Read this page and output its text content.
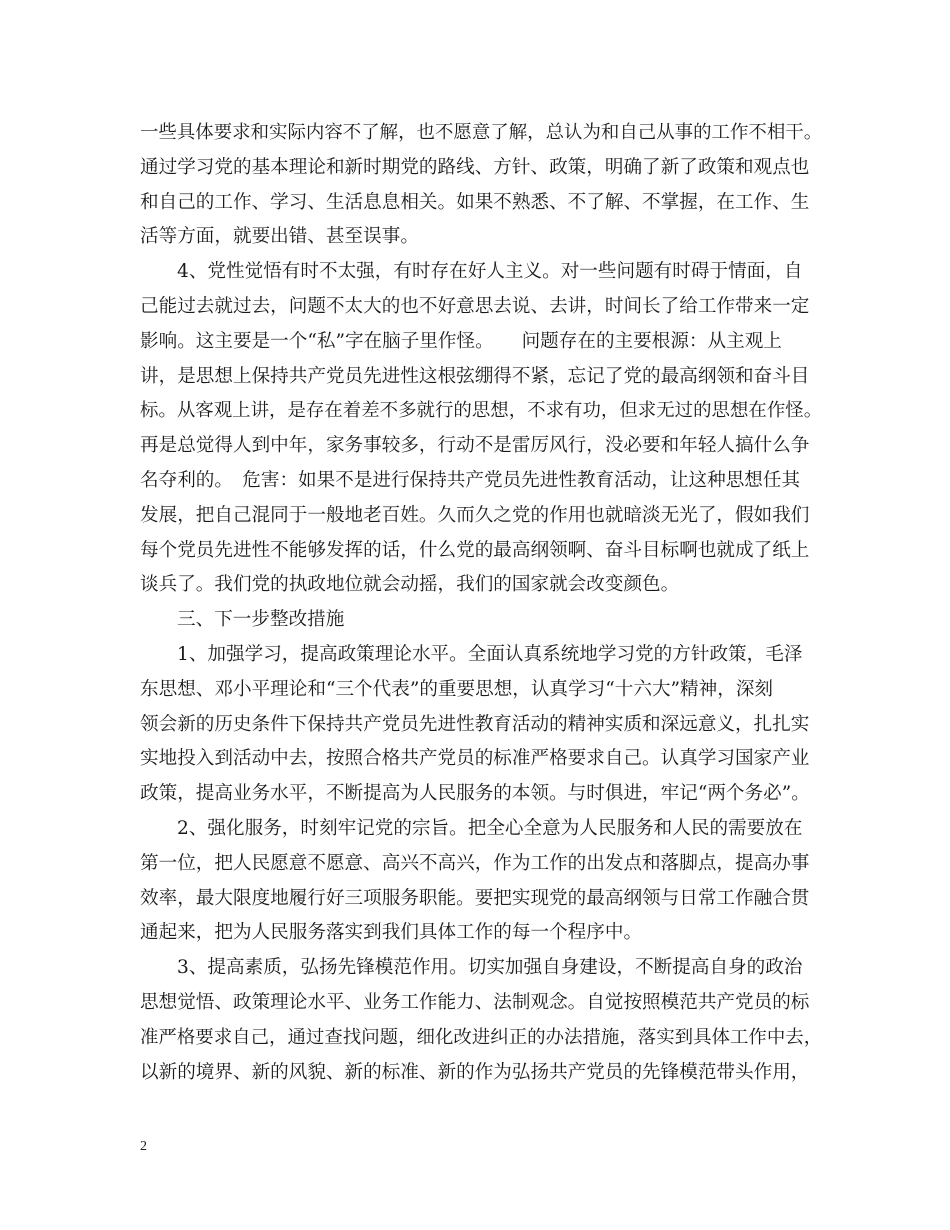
一些具体要求和实际内容不了解，也不愿意了解，总认为和自己从事的工作不相干。
通过学习党的基本理论和新时期党的路线、方针、政策，明确了新了政策和观点也
和自己的工作、学习、生活息息相关。如果不熟悉、不了解、不掌握，在工作、生
活等方面，就要出错、甚至误事。
4、党性觉悟有时不太强，有时存在好人主义。对一些问题有时碍于情面，自
己能过去就过去，问题不太大的也不好意思去说、去讲，时间长了给工作带来一定
影响。这主要是一个“私”字在脑子里作怪。　　问题存在的主要根源：从主观上
讲，是思想上保持共产党员先进性这根弦绷得不紧，忘记了党的最高纲领和奋斗目
标。从客观上讲，是存在着差不多就行的思想，不求有功，但求无过的思想在作怪。
再是总觉得人到中年，家务事较多，行动不是雷厉风行，没必要和年轻人搞什么争
名夺利的。　危害：如果不是进行保持共产党员先进性教育活动，让这种思想任其
发展，把自己混同于一般地老百姓。久而久之党的作用也就暗淡无光了，假如我们
每个党员先进性不能够发挥的话，什么党的最高纲领啊、奋斗目标啊也就成了纸上
谈兵了。我们党的执政地位就会动摇，我们的国家就会改变颜色。
三、下一步整改措施
1、加强学习，提高政策理论水平。全面认真系统地学习党的方针政策，毛泽
东思想、邓小平理论和“三个代表”的重要思想，认真学习“十六大”精神，深刻
领会新的历史条件下保持共产党员先进性教育活动的精神实质和深远意义，扎扎实
实地投入到活动中去，按照合格共产党员的标准严格要求自己。认真学习国家产业
政策，提高业务水平，不断提高为人民服务的本领。与时俱进，牢记“两个务必”。
2、强化服务，时刻牢记党的宗旨。把全心全意为人民服务和人民的需要放在
第一位，把人民愿意不愿意、高兴不高兴，作为工作的出发点和落脚点，提高办事
效率，最大限度地履行好三项服务职能。要把实现党的最高纲领与日常工作融合贯
通起来，把为人民服务落实到我们具体工作的每一个程序中。
3、提高素质，弘扬先锋模范作用。切实加强自身建设，不断提高自身的政治
思想觉悟、政策理论水平、业务工作能力、法制观念。自觉按照模范共产党员的标
准严格要求自己，通过查找问题，细化改进纠正的办法措施，落实到具体工作中去，
以新的境界、新的风貌、新的标准、新的作为弘扬共产党员的先锋模范带头作用，
2
